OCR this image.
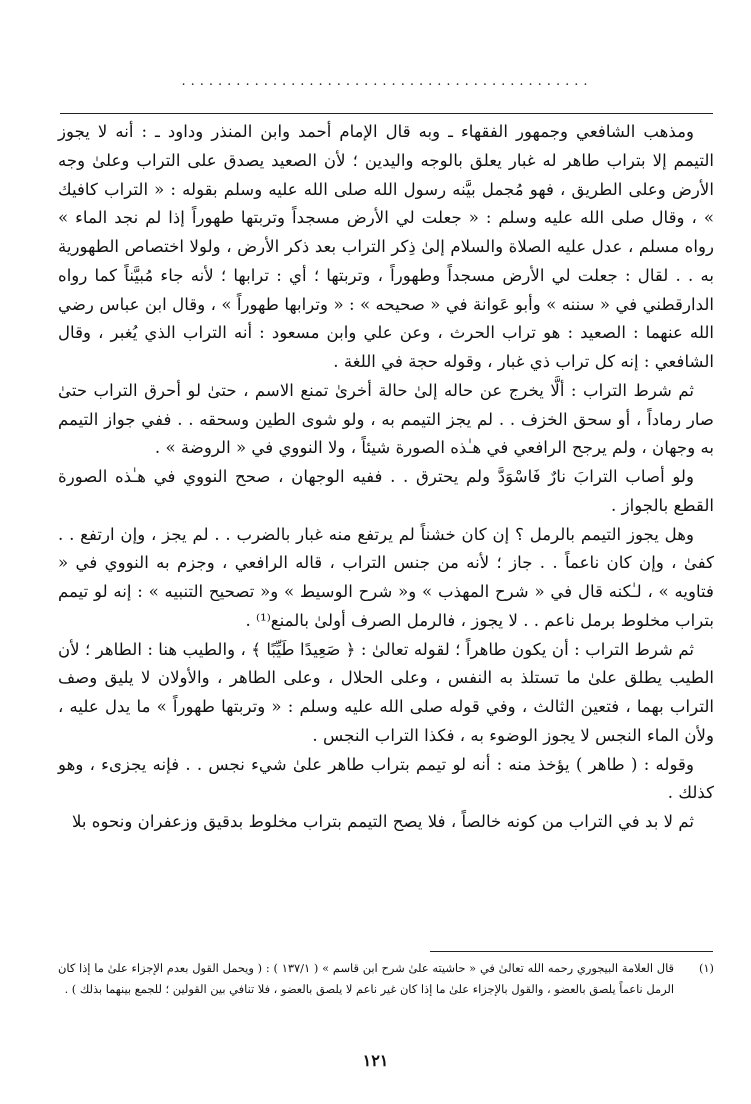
.............................................

ومذهب الشافعي وجمهور الفقهاء ـ وبه قال الإمام أحمد وابن المنذر وداود ـ : أنه لا يجوز التيمم إلا بتراب طاهر له غبار يعلق بالوجه واليدين ؛ لأن الصعيد يصدق على التراب وعلىٰ وجه الأرض وعلى الطريق ، فهو مُجمل بيَّنه رسول الله صلى الله عليه وسلم بقوله : « التراب كافيك » ، وقال صلى الله عليه وسلم : « جعلت لي الأرض مسجداً وتربتها طهوراً إذا لم نجد الماء » رواه مسلم ، عدل عليه الصلاة والسلام إلىٰ ذِكر التراب بعد ذكر الأرض ، ولولا اختصاص الطهورية به . . لقال : جعلت لي الأرض مسجداً وطهوراً ، وتربتها ؛ أي : ترابها ؛ لأنه جاء مُبيَّناً كما رواه الدارقطني في « سننه » وأبو عَوانة في « صحيحه » : « وترابها طهوراً » ، وقال ابن عباس رضي الله عنهما : الصعيد : هو تراب الحرث ، وعن علي وابن مسعود : أنه التراب الذي يُغبر ، وقال الشافعي : إنه كل تراب ذي غبار ، وقوله حجة في اللغة .

ثم شرط التراب : ألَّا يخرج عن حاله إلىٰ حالة أخرىٰ تمنع الاسم ، حتىٰ لو أحرق التراب حتىٰ صار رماداً ، أو سحق الخزف . . لم يجز التيمم به ، ولو شوى الطين وسحقه . . ففي جواز التيمم به وجهان ، ولم يرجح الرافعي في هـٰذه الصورة شيئاً ، ولا النووي في « الروضة » .

ولو أصاب الترابَ نارٌ فَاسْوَدَّ ولم يحترق . . ففيه الوجهان ، صحح النووي في هـٰذه الصورة القطع بالجواز .

وهل يجوز التيمم بالرمل ؟ إن كان خشناً لم يرتفع منه غبار بالضرب . . لم يجز ، وإن ارتفع . . كفىٰ ، وإن كان ناعماً . . جاز ؛ لأنه من جنس التراب ، قاله الرافعي ، وجزم به النووي في « فتاويه » ، لـٰكنه قال في « شرح المهذب » و« شرح الوسيط » و« تصحيح التنبيه » : إنه لو تيمم بتراب مخلوط برمل ناعم . . لا يجوز ، فالرمل الصرف أولىٰ بالمنع⁽¹⁾ .

ثم شرط التراب : أن يكون طاهراً ؛ لقوله تعالىٰ : ﴿ صَعِيدًا طَيِّبًا ﴾ ، والطيب هنا : الطاهر ؛ لأن الطيب يطلق علىٰ ما تستلذ به النفس ، وعلى الحلال ، وعلى الطاهر ، والأولان لا يليق وصف التراب بهما ، فتعين الثالث ، وفي قوله صلى الله عليه وسلم : « وتربتها طهوراً » ما يدل عليه ، ولأن الماء النجس لا يجوز الوضوء به ، فكذا التراب النجس .

وقوله : ( طاهر ) يؤخذ منه : أنه لو تيمم بتراب طاهر علىٰ شيء نجس . . فإنه يجزىء ، وهو كذلك .

ثم لا بد في التراب من كونه خالصاً ، فلا يصح التيمم بتراب مخلوط بدقيق وزعفران ونحوه بلا

(١)

قال العلامة البيجوري رحمه الله تعالىٰ في « حاشيته علىٰ شرح ابن قاسم » ( ١٣٧/١ ) : ( ويحمل القول بعدم الإجزاء علىٰ ما إذا كان الرمل ناعماً يلصق بالعضو ، والقول بالإجزاء علىٰ ما إذا كان غير ناعم لا يلصق بالعضو ، فلا تنافي بين القولين ؛ للجمع بينهما بذلك ) .

١٢١
